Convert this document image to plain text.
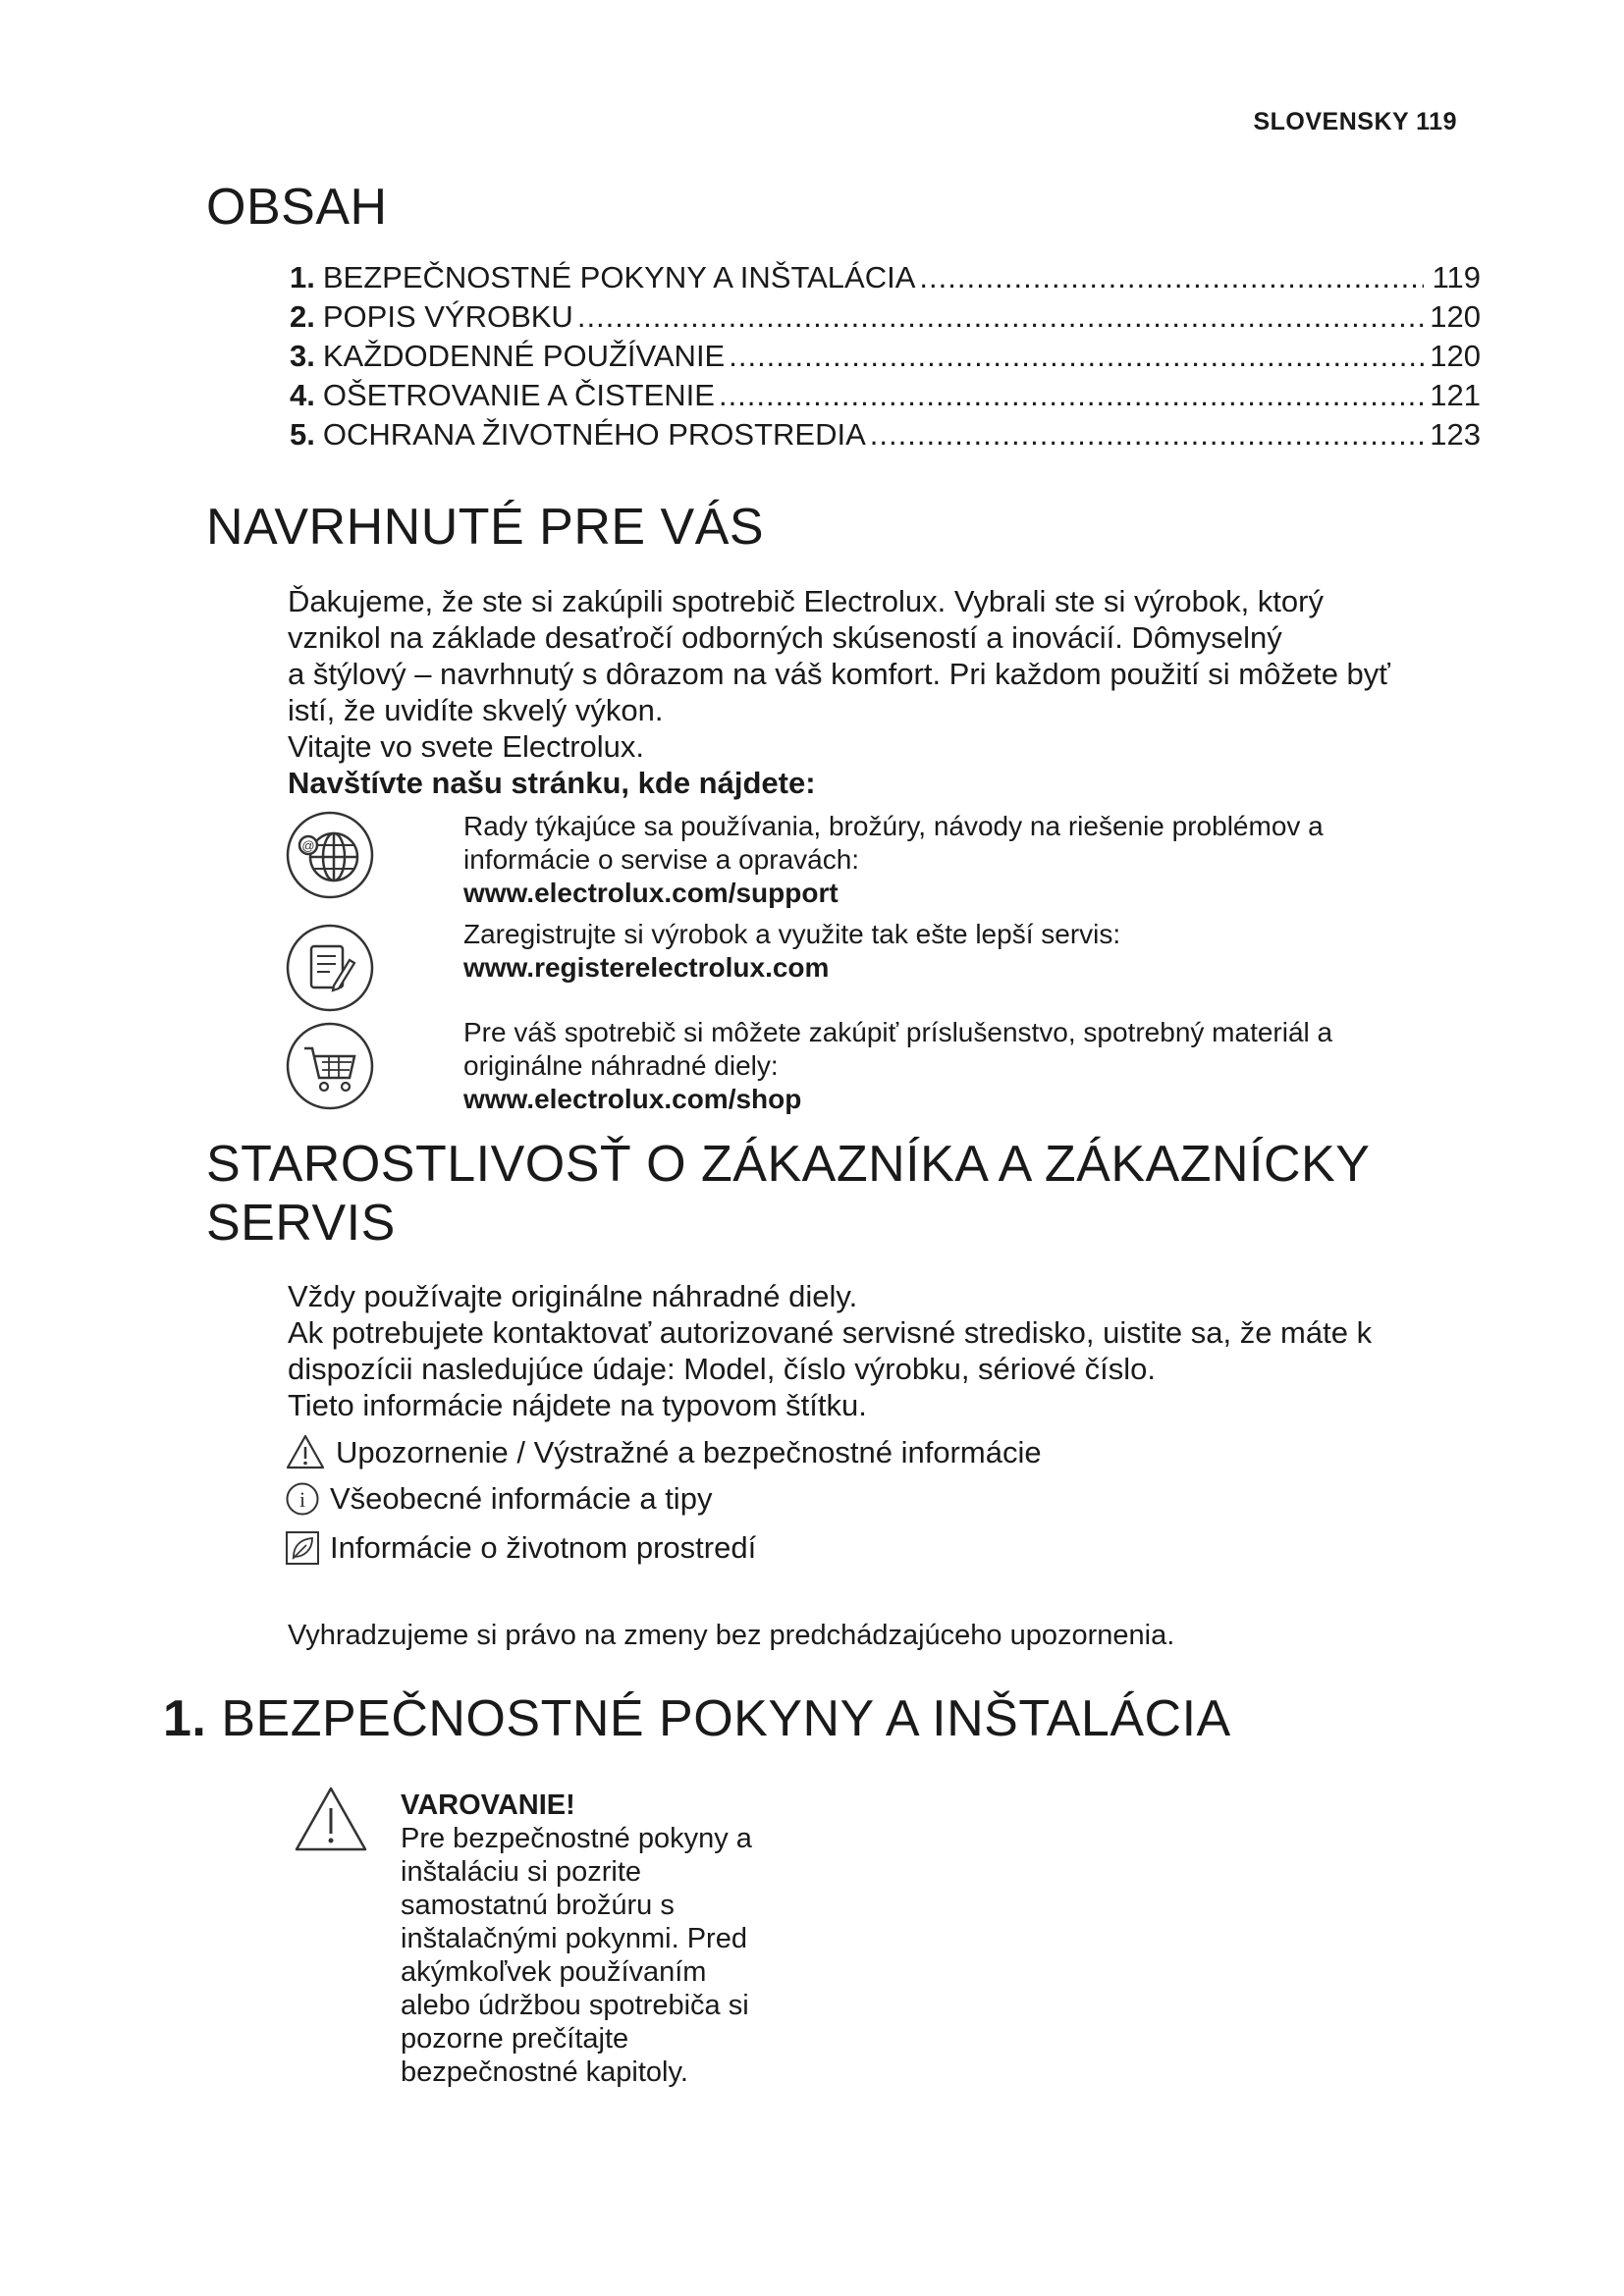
SLOVENSKY 119
OBSAH
1. BEZPEČNOSTNÉ POKYNY A INŠTALÁCIA .....	119
2. POPIS VÝROBKU .....	120
3. KAŽDODENNÉ POUŽÍVANIE .....	120
4. OŠETROVANIE A ČISTENIE .....	121
5. OCHRANA ŽIVOTNÉHO PROSTREDIA .....	123
NAVRHNUTÉ PRE VÁS

Ďakujeme, že ste si zakúpili spotrebič Electrolux. Vybrali ste si výrobok, ktorý

vznikol na základe desaťročí odborných skúseností a inovácií. Dômyselný

a štýlový – navrhnutý s dôrazom na váš komfort. Pri každom použití si môžete byť

istí, že uvidíte skvelý výkon.

Vitajte vo svete Electrolux.

Navštívte našu stránku, kde nájdete:

@
Rady týkajúce sa používania, brožúry, návody na riešenie problémov a
informácie o servise a opravách:
www.electrolux.com/support
Zaregistrujte si výrobok a využite tak ešte lepší servis:
www.registerelectrolux.com
Pre váš spotrebič si môžete zakúpiť príslušenstvo, spotrebný materiál a
originálne náhradné diely:
www.electrolux.com/shop
STAROSTLIVOSŤ O ZÁKAZNÍKA A ZÁKAZNÍCKY
SERVIS

Vždy používajte originálne náhradné diely.

Ak potrebujete kontaktovať autorizované servisné stredisko, uistite sa, že máte k

dispozícii nasledujúce údaje: Model, číslo výrobku, sériové číslo.

Tieto informácie nájdete na typovom štítku.

Upozornenie / Výstražné a bezpečnostné informácie
i Všeobecné informácie a tipy
Informácie o životnom prostredí
Vyhradzujeme si právo na zmeny bez predchádzajúceho upozornenia.
1. BEZPEČNOSTNÉ POKYNY A INŠTALÁCIA
VAROVANIE!
Pre bezpečnostné pokyny a
inštaláciu si pozrite
samostatnú brožúru s
inštalačnými pokynmi. Pred
akýmkoľvek používaním
alebo údržbou spotrebiča si
pozorne prečítajte
bezpečnostné kapitoly.
